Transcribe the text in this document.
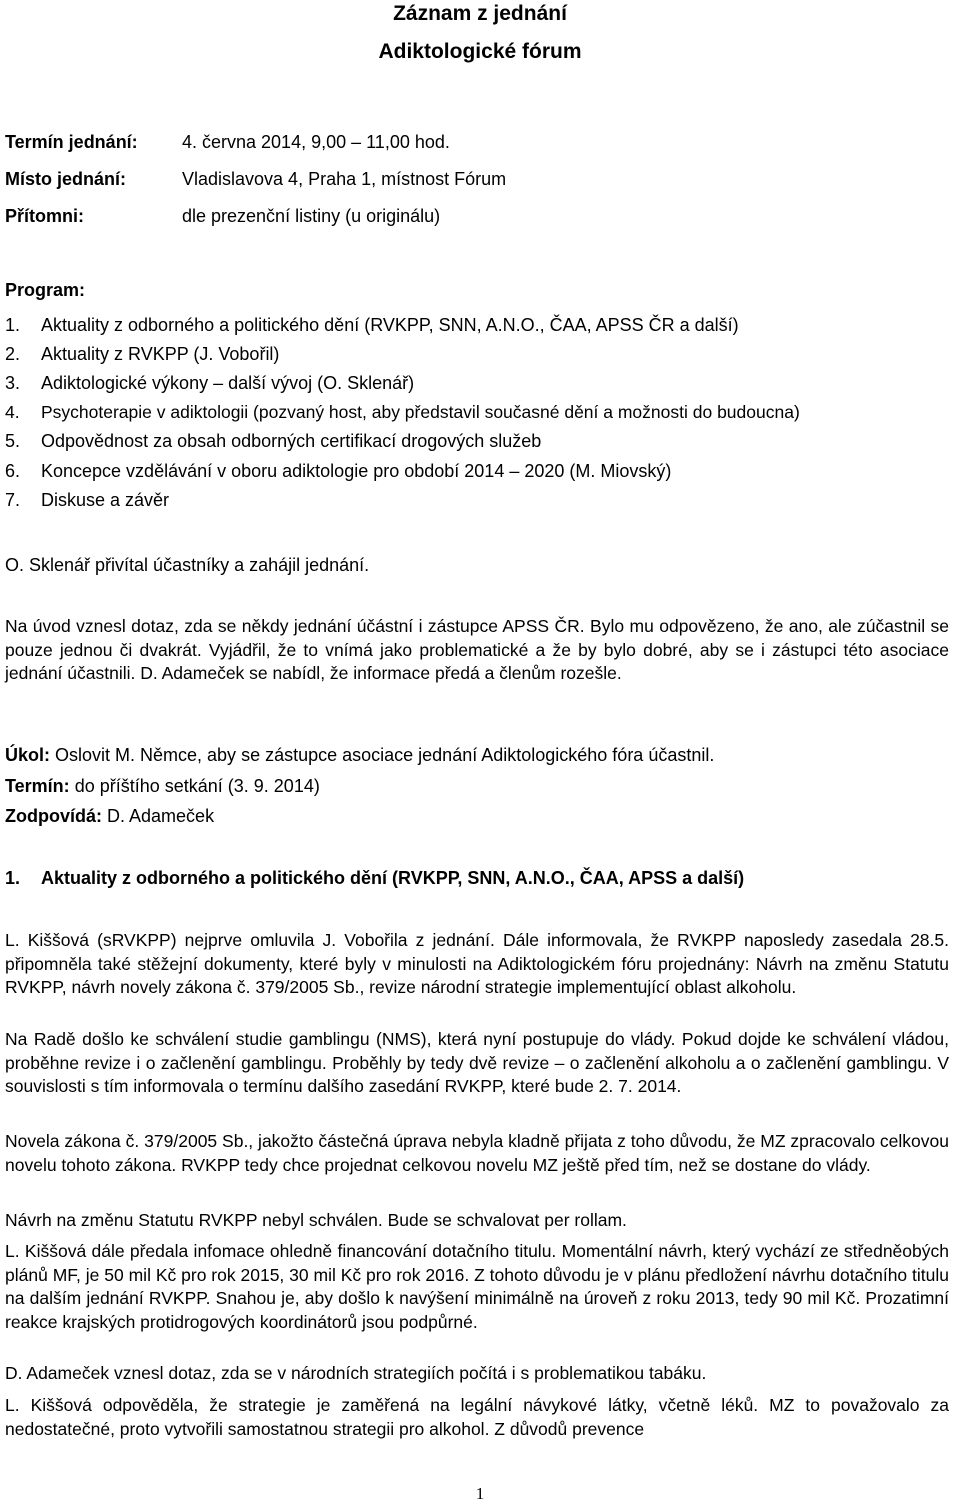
Záznam z jednání
Adiktologické fórum
Termín jednání: 4. června 2014, 9,00 – 11,00 hod.
Místo jednání:	Vladislavova 4, Praha 1, místnost Fórum
Přítomni:	dle prezenční listiny (u originálu)
Program:
1. Aktuality z odborného a politického dění (RVKPP, SNN, A.N.O., ČAA, APSS ČR a další)
2. Aktuality z RVKPP (J. Vobořil)
3. Adiktologické výkony – další vývoj (O. Sklenář)
4. Psychoterapie v adiktologii (pozvaný host, aby představil současné dění a možnosti do budoucna)
5. Odpovědnost za obsah odborných certifikací drogových služeb
6. Koncepce vzdělávání v oboru adiktologie pro období 2014 – 2020 (M. Miovský)
7. Diskuse a závěr
O. Sklenář přivítal účastníky a zahájil jednání.
Na úvod vznesl dotaz, zda se někdy jednání účástní i zástupce APSS ČR. Bylo mu odpovězeno, že ano, ale zúčastnil se pouze jednou či dvakrát. Vyjádřil, že to vnímá jako problematické a že by bylo dobré, aby se i zástupci této asociace jednání účastnili. D. Adameček se nabídl, že informace předá a členům rozešle.
Úkol: Oslovit M. Němce, aby se zástupce asociace jednání Adiktologického fóra účastnil.
Termín: do příštího setkání (3. 9. 2014)
Zodpovídá: D. Adameček
1. Aktuality z odborného a politického dění (RVKPP, SNN, A.N.O., ČAA, APSS a další)
L. Kiššová (sRVKPP) nejprve omluvila J. Vobořila z jednání. Dále informovala, že RVKPP naposledy zasedala 28.5. připomněla také stěžejní dokumenty, které byly v minulosti na Adiktologickém fóru projednány: Návrh na změnu Statutu RVKPP, návrh novely zákona č. 379/2005 Sb., revize národní strategie implementující oblast alkoholu.
Na Radě došlo ke schválení studie gamblingu (NMS), která nyní postupuje do vlády. Pokud dojde ke schválení vládou, proběhne revize i o začlenění gamblingu. Proběhly by tedy dvě revize – o začlenění alkoholu a o začlenění gamblingu. V souvislosti s tím informovala o termínu dalšího zasedání RVKPP, které bude 2. 7. 2014.
Novela zákona č. 379/2005 Sb., jakožto částečná úprava nebyla kladně přijata z toho důvodu, že MZ zpracovalo celkovou novelu tohoto zákona. RVKPP tedy chce projednat celkovou novelu MZ ještě před tím, než se dostane do vlády.
Návrh na změnu Statutu RVKPP nebyl schválen. Bude se schvalovat per rollam.
L. Kiššová dále předala infomace ohledně financování dotačního titulu. Momentální návrh, který vychází ze středněobých plánů MF, je 50 mil Kč pro rok 2015, 30 mil Kč pro rok 2016. Z tohoto důvodu je v plánu předložení návrhu dotačního titulu na dalším jednání RVKPP. Snahou je, aby došlo k navýšení minimálně na úroveň z roku 2013, tedy 90 mil Kč. Prozatimní reakce krajských protidrogových koordinátorů jsou podpůrné.
D. Adameček vznesl dotaz, zda se v národních strategiích počítá i s problematikou tabáku.
L. Kiššová odpověděla, že strategie je zaměřená na legální návykové látky, včetně léků. MZ to považovalo za nedostatečné, proto vytvořili samostatnou strategii pro alkohol. Z důvodů prevence
1
